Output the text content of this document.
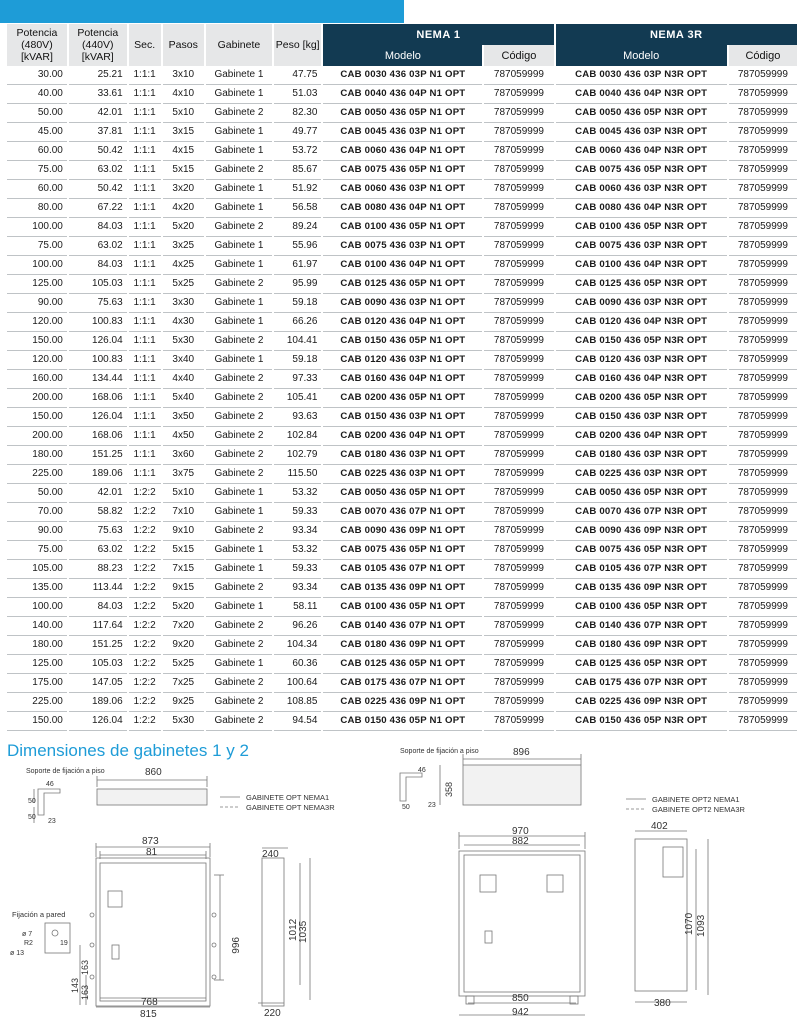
Potencia (480V) [kVAR]	Potencia (440V) [kVAR]	Sec.	Pasos	Gabinete	Peso [kg]	NEMA 1		NEMA 3R	
						Modelo	Código	Modelo	Código
30.00	25.21	1:1:1	3x10	Gabinete 1	47.75	CAB 0030 436 03P N1 OPT	787059999	CAB 0030 436 03P N3R OPT	787059999
40.00	33.61	1:1:1	4x10	Gabinete 1	51.03	CAB 0040 436 04P N1 OPT	787059999	CAB 0040 436 04P N3R OPT	787059999
50.00	42.01	1:1:1	5x10	Gabinete 2	82.30	CAB 0050 436 05P N1 OPT	787059999	CAB 0050 436 05P N3R OPT	787059999
45.00	37.81	1:1:1	3x15	Gabinete 1	49.77	CAB 0045 436 03P N1 OPT	787059999	CAB 0045 436 03P N3R OPT	787059999
60.00	50.42	1:1:1	4x15	Gabinete 1	53.72	CAB 0060 436 04P N1 OPT	787059999	CAB 0060 436 04P N3R OPT	787059999
75.00	63.02	1:1:1	5x15	Gabinete 2	85.67	CAB 0075 436 05P N1 OPT	787059999	CAB 0075 436 05P N3R OPT	787059999
60.00	50.42	1:1:1	3x20	Gabinete 1	51.92	CAB 0060 436 03P N1 OPT	787059999	CAB 0060 436 03P N3R OPT	787059999
80.00	67.22	1:1:1	4x20	Gabinete 1	56.58	CAB 0080 436 04P N1 OPT	787059999	CAB 0080 436 04P N3R OPT	787059999
100.00	84.03	1:1:1	5x20	Gabinete 2	89.24	CAB 0100 436 05P N1 OPT	787059999	CAB 0100 436 05P N3R OPT	787059999
75.00	63.02	1:1:1	3x25	Gabinete 1	55.96	CAB 0075 436 03P N1 OPT	787059999	CAB 0075 436 03P N3R OPT	787059999
100.00	84.03	1:1:1	4x25	Gabinete 1	61.97	CAB 0100 436 04P N1 OPT	787059999	CAB 0100 436 04P N3R OPT	787059999
125.00	105.03	1:1:1	5x25	Gabinete 2	95.99	CAB 0125 436 05P N1 OPT	787059999	CAB 0125 436 05P N3R OPT	787059999
90.00	75.63	1:1:1	3x30	Gabinete 1	59.18	CAB 0090 436 03P N1 OPT	787059999	CAB 0090 436 03P N3R OPT	787059999
120.00	100.83	1:1:1	4x30	Gabinete 1	66.26	CAB 0120 436 04P N1 OPT	787059999	CAB 0120 436 04P N3R OPT	787059999
150.00	126.04	1:1:1	5x30	Gabinete 2	104.41	CAB 0150 436 05P N1 OPT	787059999	CAB 0150 436 05P N3R OPT	787059999
120.00	100.83	1:1:1	3x40	Gabinete 1	59.18	CAB 0120 436 03P N1 OPT	787059999	CAB 0120 436 03P N3R OPT	787059999
160.00	134.44	1:1:1	4x40	Gabinete 2	97.33	CAB 0160 436 04P N1 OPT	787059999	CAB 0160 436 04P N3R OPT	787059999
200.00	168.06	1:1:1	5x40	Gabinete 2	105.41	CAB 0200 436 05P N1 OPT	787059999	CAB 0200 436 05P N3R OPT	787059999
150.00	126.04	1:1:1	3x50	Gabinete 2	93.63	CAB 0150 436 03P N1 OPT	787059999	CAB 0150 436 03P N3R OPT	787059999
200.00	168.06	1:1:1	4x50	Gabinete 2	102.84	CAB 0200 436 04P N1 OPT	787059999	CAB 0200 436 04P N3R OPT	787059999
180.00	151.25	1:1:1	3x60	Gabinete 2	102.79	CAB 0180 436 03P N1 OPT	787059999	CAB 0180 436 03P N3R OPT	787059999
225.00	189.06	1:1:1	3x75	Gabinete 2	115.50	CAB 0225 436 03P N1 OPT	787059999	CAB 0225 436 03P N3R OPT	787059999
50.00	42.01	1:2:2	5x10	Gabinete 1	53.32	CAB 0050 436 05P N1 OPT	787059999	CAB 0050 436 05P N3R OPT	787059999
70.00	58.82	1:2:2	7x10	Gabinete 1	59.33	CAB 0070 436 07P N1 OPT	787059999	CAB 0070 436 07P N3R OPT	787059999
90.00	75.63	1:2:2	9x10	Gabinete 2	93.34	CAB 0090 436 09P N1 OPT	787059999	CAB 0090 436 09P N3R OPT	787059999
75.00	63.02	1:2:2	5x15	Gabinete 1	53.32	CAB 0075 436 05P N1 OPT	787059999	CAB 0075 436 05P N3R OPT	787059999
105.00	88.23	1:2:2	7x15	Gabinete 1	59.33	CAB 0105 436 07P N1 OPT	787059999	CAB 0105 436 07P N3R OPT	787059999
135.00	113.44	1:2:2	9x15	Gabinete 2	93.34	CAB 0135 436 09P N1 OPT	787059999	CAB 0135 436 09P N3R OPT	787059999
100.00	84.03	1:2:2	5x20	Gabinete 1	58.11	CAB 0100 436 05P N1 OPT	787059999	CAB 0100 436 05P N3R OPT	787059999
140.00	117.64	1:2:2	7x20	Gabinete 2	96.26	CAB 0140 436 07P N1 OPT	787059999	CAB 0140 436 07P N3R OPT	787059999
180.00	151.25	1:2:2	9x20	Gabinete 2	104.34	CAB 0180 436 09P N1 OPT	787059999	CAB 0180 436 09P N3R OPT	787059999
125.00	105.03	1:2:2	5x25	Gabinete 1	60.36	CAB 0125 436 05P N1 OPT	787059999	CAB 0125 436 05P N3R OPT	787059999
175.00	147.05	1:2:2	7x25	Gabinete 2	100.64	CAB 0175 436 07P N1 OPT	787059999	CAB 0175 436 07P N3R OPT	787059999
225.00	189.06	1:2:2	9x25	Gabinete 2	108.85	CAB 0225 436 09P N1 OPT	787059999	CAB 0225 436 09P N3R OPT	787059999
150.00	126.04	1:2:2	5x30	Gabinete 2	94.54	CAB 0150 436 05P N1 OPT	787059999	CAB 0150 436 05P N3R OPT	787059999
Dimensiones de gabinetes 1 y 2
Soporte de fijación a piso	860
46
50
50
23
GABINETE OPT NEMA1
GABINETE OPT NEMA3R
873
81
966
Fijación a pared
ø 7
R2	19
ø 13
143
163
163
768
815
240
1012 1035
220
Soporte de fijación a piso	896
46
358
50	23
GABINETE OPT2 NEMA1
GABINETE OPT2 NEMA3R
970
882
850
942
402
1070 1093
380
